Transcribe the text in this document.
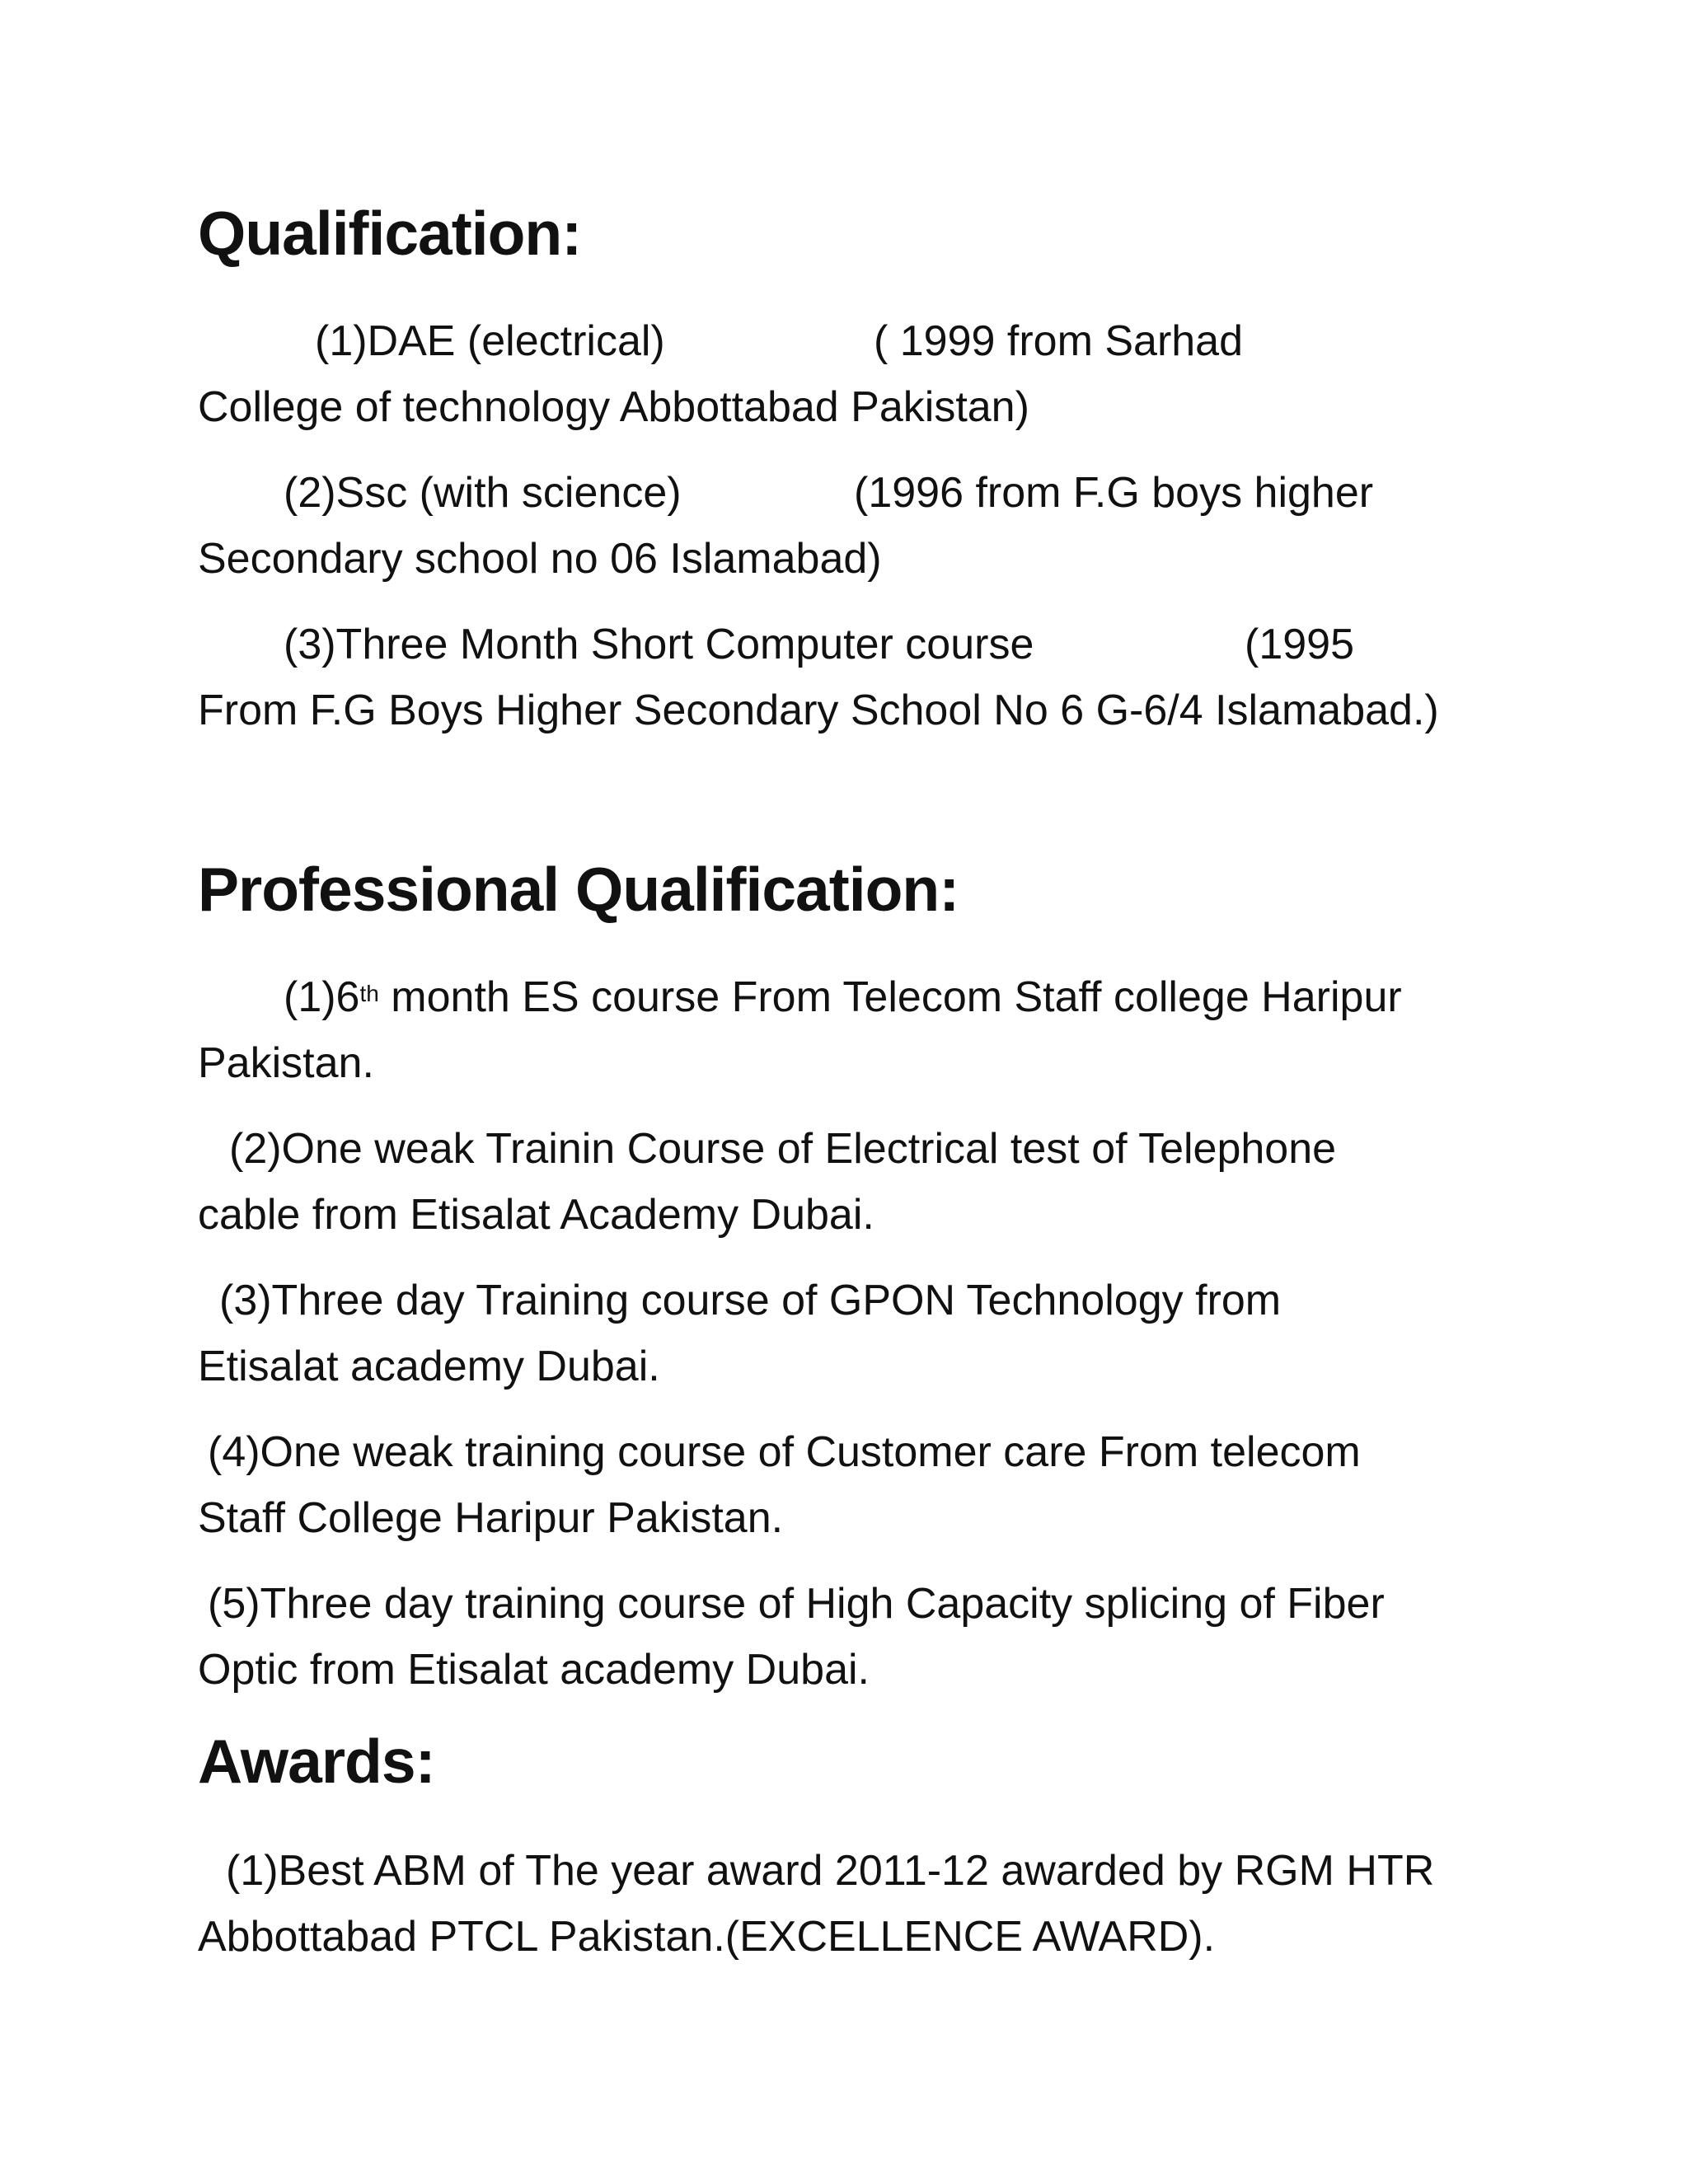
Qualification:

(1)DAE (electrical)	( 1999 from Sarhad

College of technology Abbottabad Pakistan)

(2)Ssc (with science)	(1996 from F.G boys higher

Secondary school no 06 Islamabad)

(3)Three Month Short Computer course	(1995

From F.G Boys Higher Secondary School No 6 G-6/4 Islamabad.)

Professional Qualification:

(1)6th month ES course From Telecom Staff college Haripur

Pakistan.

(2)One weak Trainin Course of Electrical test of Telephone

cable from Etisalat Academy Dubai.

(3)Three day Training course of GPON Technology from

Etisalat academy Dubai.

(4)One weak training course of Customer care From telecom

Staff College Haripur Pakistan.

(5)Three day training course of High Capacity splicing of Fiber

Optic from Etisalat academy Dubai.

Awards:

(1)Best ABM of The year award 2011-12 awarded by RGM HTR

Abbottabad PTCL Pakistan.(EXCELLENCE AWARD).
